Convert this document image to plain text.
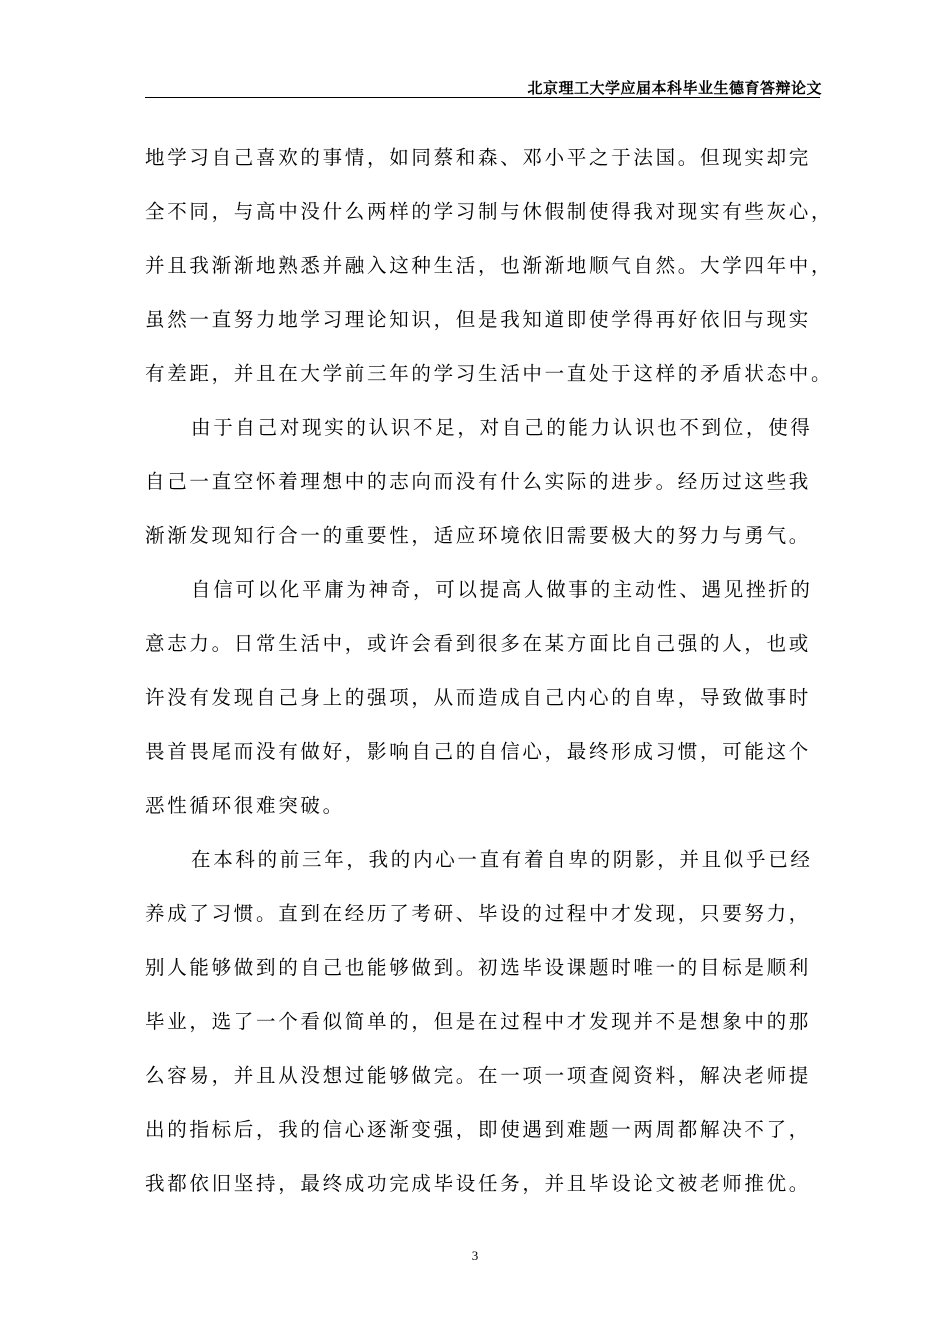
北京理工大学应届本科毕业生德育答辩论文
地学习自己喜欢的事情，如同蔡和森、邓小平之于法国。但现实却完
全不同，与高中没什么两样的学习制与休假制使得我对现实有些灰心，
并且我渐渐地熟悉并融入这种生活，也渐渐地顺气自然。大学四年中，
虽然一直努力地学习理论知识，但是我知道即使学得再好依旧与现实
有差距，并且在大学前三年的学习生活中一直处于这样的矛盾状态中。
由于自己对现实的认识不足，对自己的能力认识也不到位，使得
自己一直空怀着理想中的志向而没有什么实际的进步。经历过这些我
渐渐发现知行合一的重要性，适应环境依旧需要极大的努力与勇气。
自信可以化平庸为神奇，可以提高人做事的主动性、遇见挫折的
意志力。日常生活中，或许会看到很多在某方面比自己强的人，也或
许没有发现自己身上的强项，从而造成自己内心的自卑，导致做事时
畏首畏尾而没有做好，影响自己的自信心，最终形成习惯，可能这个
恶性循环很难突破。
在本科的前三年，我的内心一直有着自卑的阴影，并且似乎已经
养成了习惯。直到在经历了考研、毕设的过程中才发现，只要努力，
别人能够做到的自己也能够做到。初选毕设课题时唯一的目标是顺利
毕业，选了一个看似简单的，但是在过程中才发现并不是想象中的那
么容易，并且从没想过能够做完。在一项一项查阅资料，解决老师提
出的指标后，我的信心逐渐变强，即使遇到难题一两周都解决不了，
我都依旧坚持，最终成功完成毕设任务，并且毕设论文被老师推优。
3
